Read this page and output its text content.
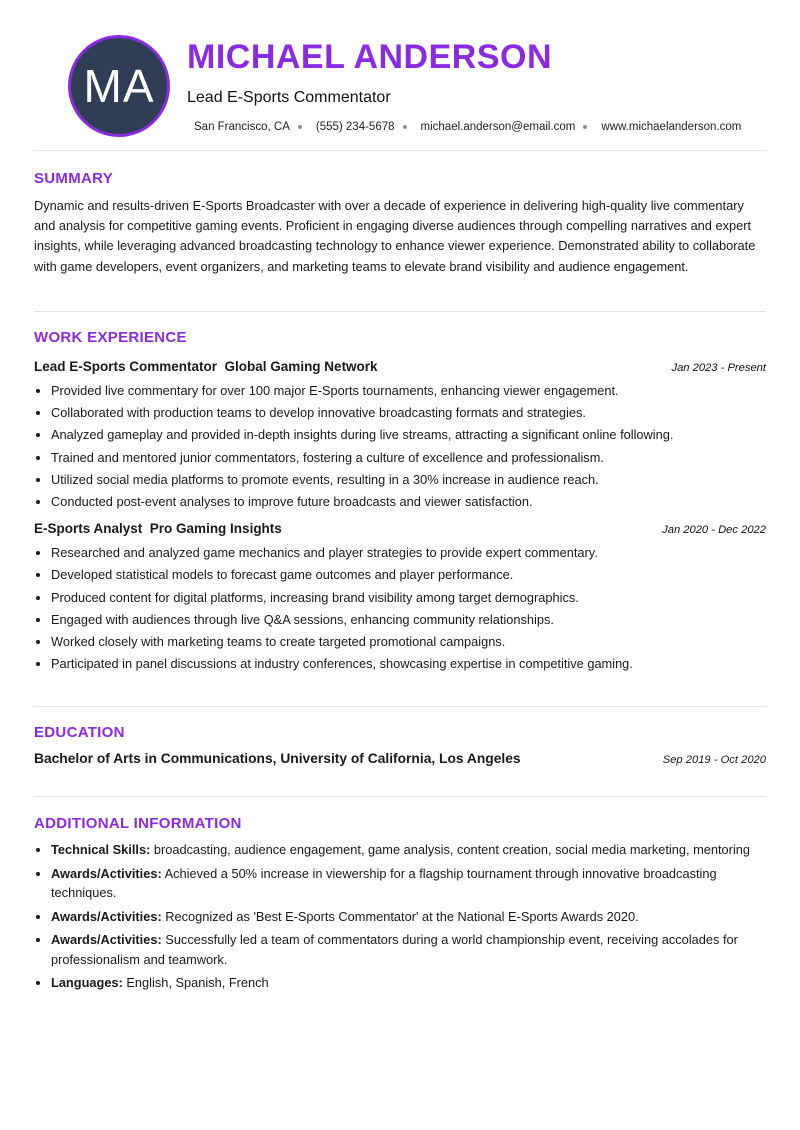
MA
MICHAEL ANDERSON
Lead E-Sports Commentator
San Francisco, CA (555) 234-5678 michael.anderson@email.com www.michaelanderson.com
SUMMARY
Dynamic and results-driven E-Sports Broadcaster with over a decade of experience in delivering high-quality live commentary and analysis for competitive gaming events. Proficient in engaging diverse audiences through compelling narratives and expert insights, while leveraging advanced broadcasting technology to enhance viewer experience. Demonstrated ability to collaborate with game developers, event organizers, and marketing teams to elevate brand visibility and audience engagement.
WORK EXPERIENCE
Lead E-Sports Commentator Global Gaming Network	Jan 2023 - Present
• Provided live commentary for over 100 major E-Sports tournaments, enhancing viewer engagement.
• Collaborated with production teams to develop innovative broadcasting formats and strategies.
• Analyzed gameplay and provided in-depth insights during live streams, attracting a significant online following.
• Trained and mentored junior commentators, fostering a culture of excellence and professionalism.
• Utilized social media platforms to promote events, resulting in a 30% increase in audience reach.
• Conducted post-event analyses to improve future broadcasts and viewer satisfaction.
E-Sports Analyst Pro Gaming Insights	Jan 2020 - Dec 2022
• Researched and analyzed game mechanics and player strategies to provide expert commentary.
• Developed statistical models to forecast game outcomes and player performance.
• Produced content for digital platforms, increasing brand visibility among target demographics.
• Engaged with audiences through live Q&A sessions, enhancing community relationships.
• Worked closely with marketing teams to create targeted promotional campaigns.
• Participated in panel discussions at industry conferences, showcasing expertise in competitive gaming.
EDUCATION
Bachelor of Arts in Communications, University of California, Los Angeles	Sep 2019 - Oct 2020
ADDITIONAL INFORMATION
• Technical Skills: broadcasting, audience engagement, game analysis, content creation, social media marketing, mentoring
• Awards/Activities: Achieved a 50% increase in viewership for a flagship tournament through innovative broadcasting techniques.
• Awards/Activities: Recognized as 'Best E-Sports Commentator' at the National E-Sports Awards 2020.
• Awards/Activities: Successfully led a team of commentators during a world championship event, receiving accolades for professionalism and teamwork.
• Languages: English, Spanish, French
